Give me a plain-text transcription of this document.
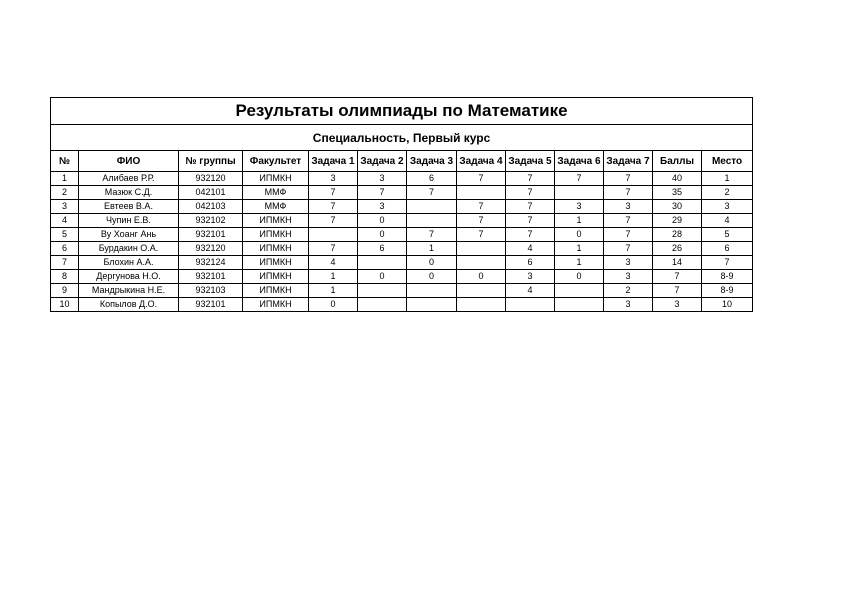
Результаты олимпиады по Математике												
Специальность, Первый курс												
№	ФИО	№ группы	Факультет	Задача 1	Задача 2	Задача 3	Задача 4	Задача 5	Задача 6	Задача 7	Баллы	Место
1	Алибаев Р.Р.	932120	ИПМКН	3	3	6	7	7	7	7	40	1
2	Мазюк С.Д.	042101	ММФ	7	7	7		7		7	35	2
3	Евтеев В.А.	042103	ММФ	7	3		7	7	3	3	30	3
4	Чупин Е.В.	932102	ИПМКН	7	0		7	7	1	7	29	4
5	Ву Хоанг Ань	932101	ИПМКН		0	7	7	7	0	7	28	5
6	Бурдакин О.А.	932120	ИПМКН	7	6	1		4	1	7	26	6
7	Блохин А.А.	932124	ИПМКН	4		0		6	1	3	14	7
8	Дергунова Н.О.	932101	ИПМКН	1	0	0	0	3	0	3	7	8-9
9	Мандрыкина Н.Е.	932103	ИПМКН	1				4		2	7	8-9
10	Копылов Д.О.	932101	ИПМКН	0						3	3	10
